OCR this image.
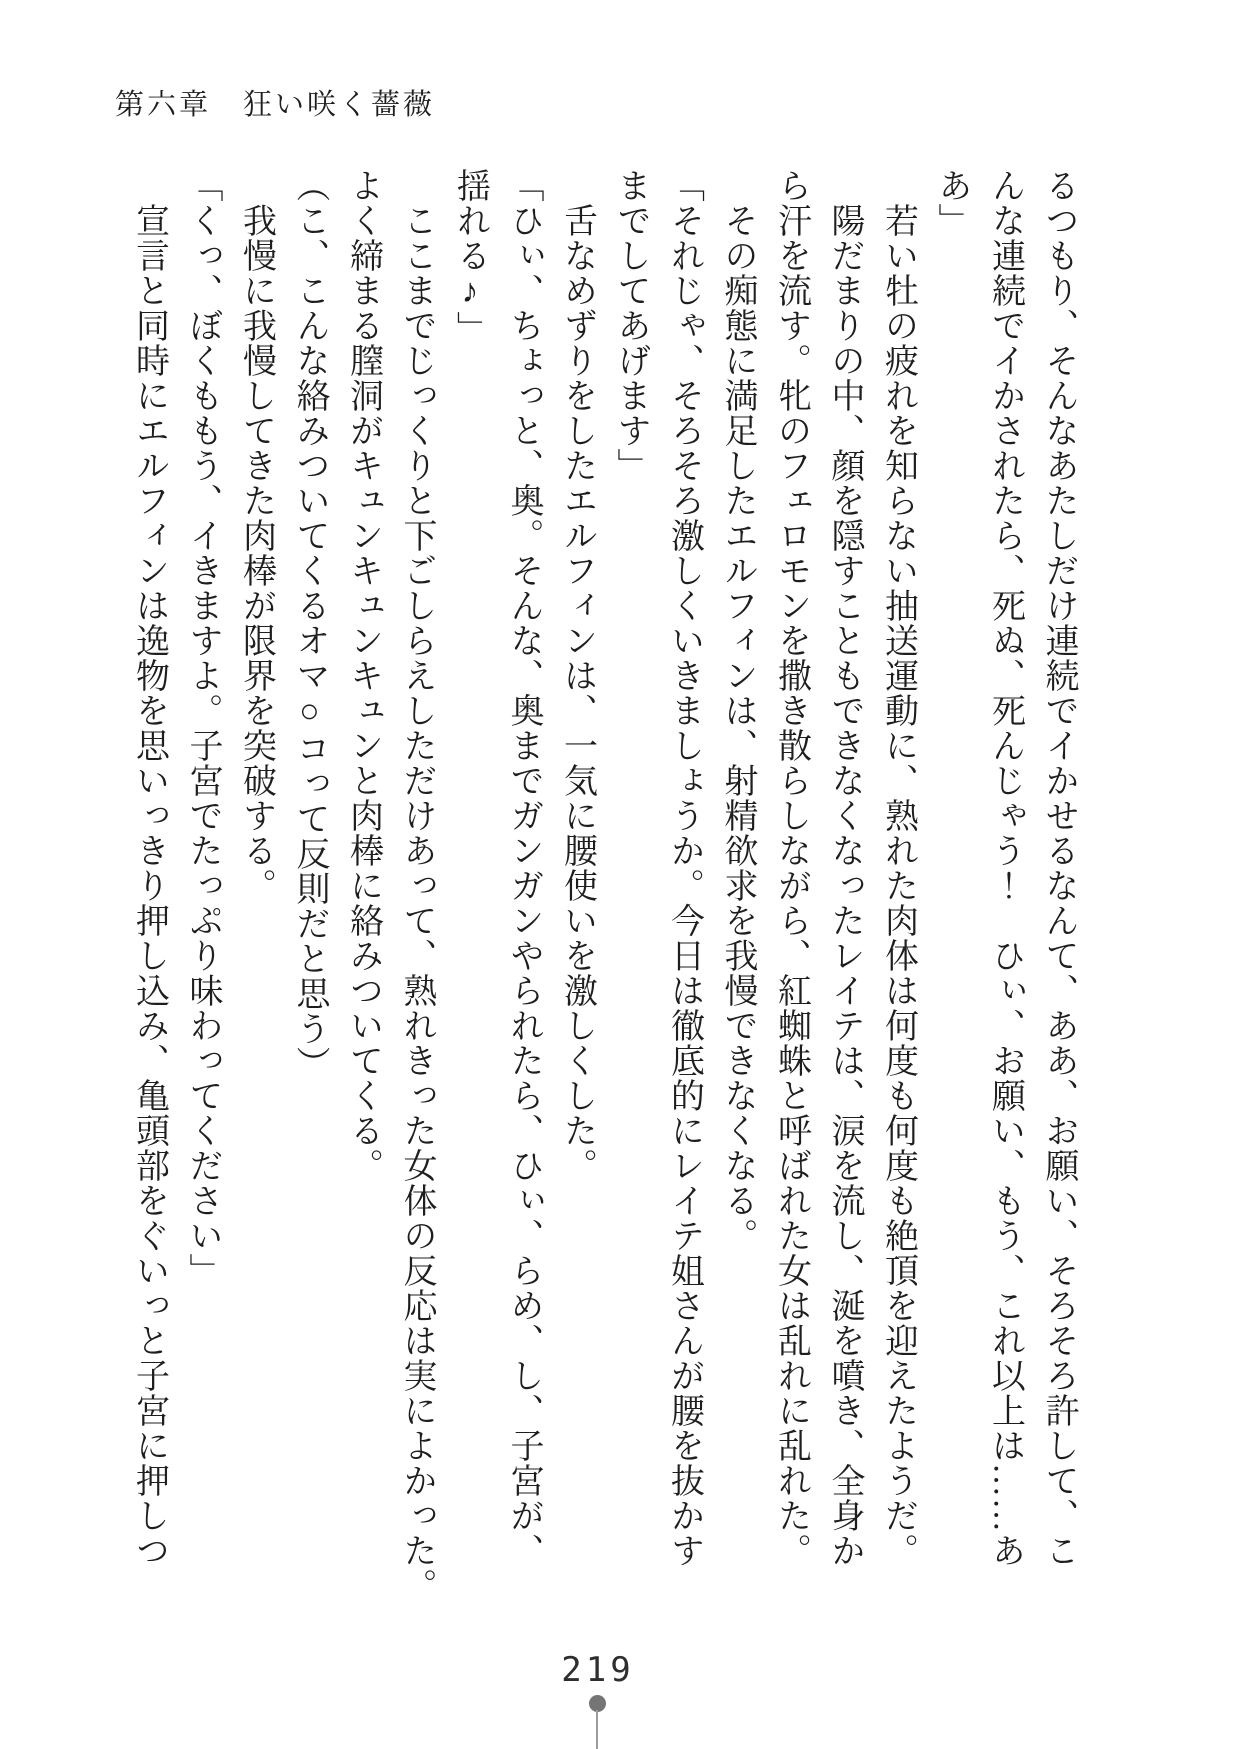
第六章　狂い咲く薔薇

るつもり、そんなあたしだけ連続でイかせるなんて、ああ、お願い、そろそろ許して、こ

んな連続でイかされたら、死ぬ、死んじゃう！　ひぃ、お願い、もう、これ以上は……あ

あ」

　若い牡の疲れを知らない抽送運動に、熟れた肉体は何度も何度も絶頂を迎えたようだ。

　陽だまりの中、顔を隠すこともできなくなったレイテは、涙を流し、涎を噴き、全身か

ら汗を流す。牝のフェロモンを撒き散らしながら、紅蜘蛛と呼ばれた女は乱れに乱れた。

　その痴態に満足したエルフィンは、射精欲求を我慢できなくなる。

「それじゃ、そろそろ激しくいきましょうか。今日は徹底的にレイテ姐さんが腰を抜かす

までしてあげます」

　舌なめずりをしたエルフィンは、一気に腰使いを激しくした。

「ひぃ、ちょっと、奥。そんな、奥までガンガンやられたら、ひぃ、らめ、し、子宮が、

揺れる♪」

　ここまでじっくりと下ごしらえしただけあって、熟れきった女体の反応は実によかった。

よく締まる膣洞がキュンキュンキュンと肉棒に絡みついてくる。

（こ、こんな絡みついてくるオマ○コって反則だと思う）

　我慢に我慢してきた肉棒が限界を突破する。

「くっ、ぼくももう、イきますよ。子宮でたっぷり味わってください」

　宣言と同時にエルフィンは逸物を思いっきり押し込み、亀頭部をぐいっと子宮に押しつ

219
